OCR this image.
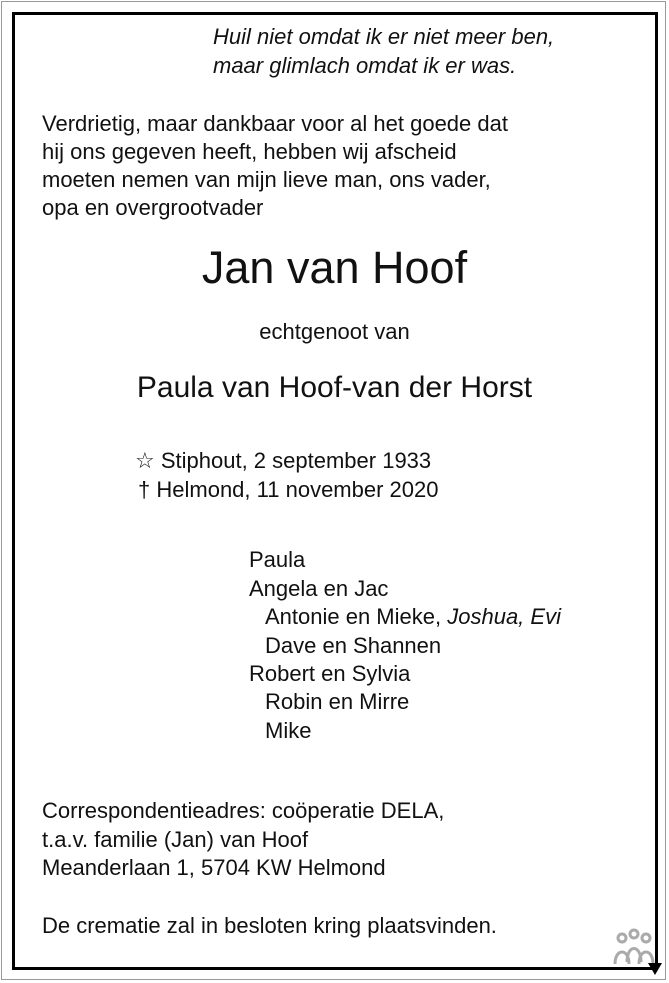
Huil niet omdat ik er niet meer ben,
maar glimlach omdat ik er was.
Verdrietig, maar dankbaar voor al het goede dat
hij ons gegeven heeft, hebben wij afscheid
moeten nemen van mijn lieve man, ons vader,
opa en overgrootvader
Jan van Hoof
echtgenoot van
Paula van Hoof-van der Horst
☆ Stiphout, 2 september 1933
† Helmond, 11 november 2020
Paula
Angela en Jac
Antonie en Mieke, Joshua, Evi
Dave en Shannen
Robert en Sylvia
Robin en Mirre
Mike
Correspondentieadres: coöperatie DELA,
t.a.v. familie (Jan) van Hoof
Meanderlaan 1, 5704 KW Helmond
De crematie zal in besloten kring plaatsvinden.
